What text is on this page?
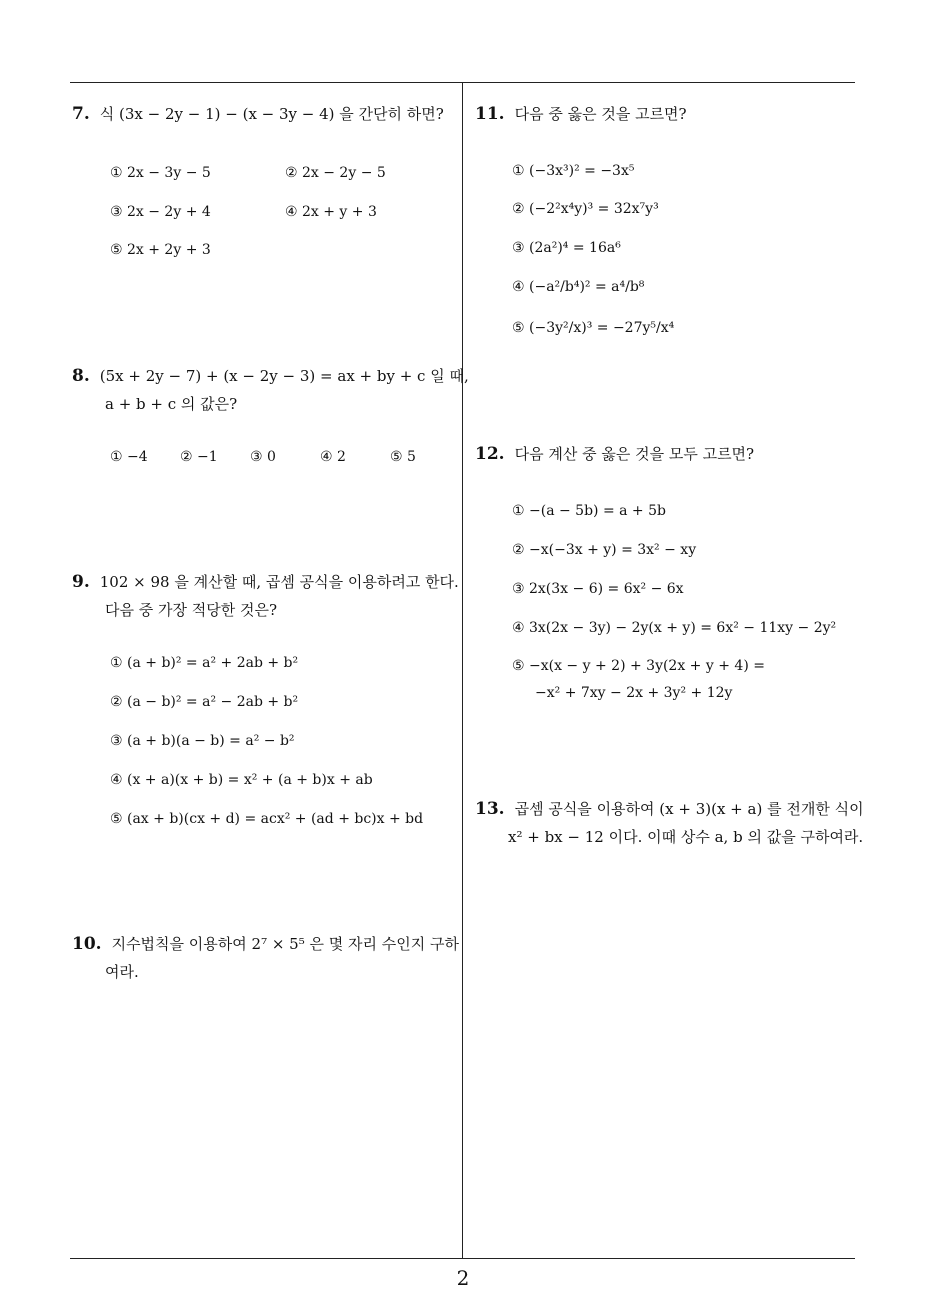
7. 식 (3x − 2y − 1) − (x − 3y − 4) 을 간단히 하면?
① 2x − 3y − 5	② 2x − 2y − 5
③ 2x − 2y + 4	④ 2x + y + 3
⑤ 2x + 2y + 3
8. (5x + 2y − 7) + (x − 2y − 3) = ax + by + c 일 때,
a + b + c 의 값은?
① −4 ② −1 ③ 0	④ 2	⑤ 5
9. 102 × 98 을 계산할 때, 곱셈 공식을 이용하려고 한다.
다음 중 가장 적당한 것은?
① (a + b)² = a² + 2ab + b²
② (a − b)² = a² − 2ab + b²
③ (a + b)(a − b) = a² − b²
④ (x + a)(x + b) = x² + (a + b)x + ab
⑤ (ax + b)(cx + d) = acx² + (ad + bc)x + bd
10. 지수법칙을 이용하여 2⁷ × 5⁵ 은 몇 자리 수인지 구하
여라.
11. 다음 중 옳은 것을 고르면?
① (−3x³)² = −3x⁵
② (−2²x⁴y)³ = 32x⁷y³
③ (2a²)⁴ = 16a⁶
④ (−a²/b⁴)² = a⁴/b⁸
⑤ (−3y²/x)³ = −27y⁵/x⁴
12. 다음 계산 중 옳은 것을 모두 고르면?
① −(a − 5b) = a + 5b
② −x(−3x + y) = 3x² − xy
③ 2x(3x − 6) = 6x² − 6x
④ 3x(2x − 3y) − 2y(x + y) = 6x² − 11xy − 2y²
⑤ −x(x − y + 2) + 3y(2x + y + 4) =
−x² + 7xy − 2x + 3y² + 12y
13. 곱셈 공식을 이용하여 (x + 3)(x + a) 를 전개한 식이
x² + bx − 12 이다. 이때 상수 a, b 의 값을 구하여라.
2
